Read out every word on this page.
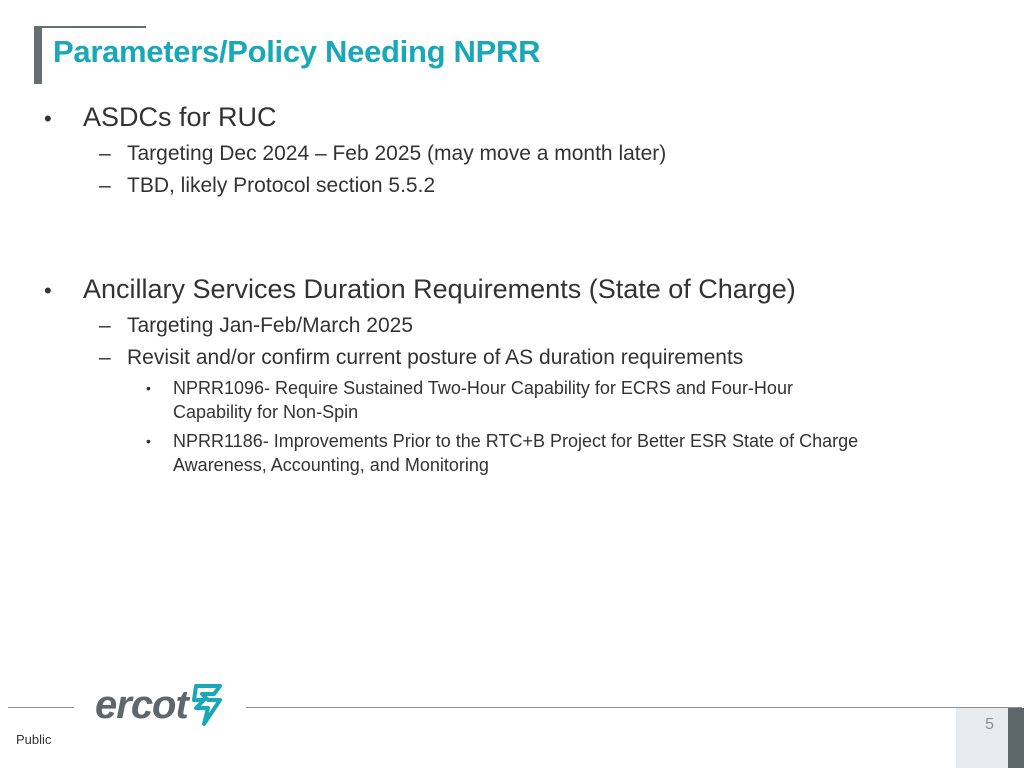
Parameters/Policy Needing NPRR
• ASDCs for RUC
– Targeting Dec 2024 – Feb 2025 (may move a month later)
– TBD, likely Protocol section 5.5.2
• Ancillary Services Duration Requirements (State of Charge)
– Targeting Jan-Feb/March 2025
– Revisit and/or confirm current posture of AS duration requirements
• NPRR1096- Require Sustained Two-Hour Capability for ECRS and Four-Hour Capability for Non-Spin
• NPRR1186- Improvements Prior to the RTC+B Project for Better ESR State of Charge Awareness, Accounting, and Monitoring
ercot
Public
5
